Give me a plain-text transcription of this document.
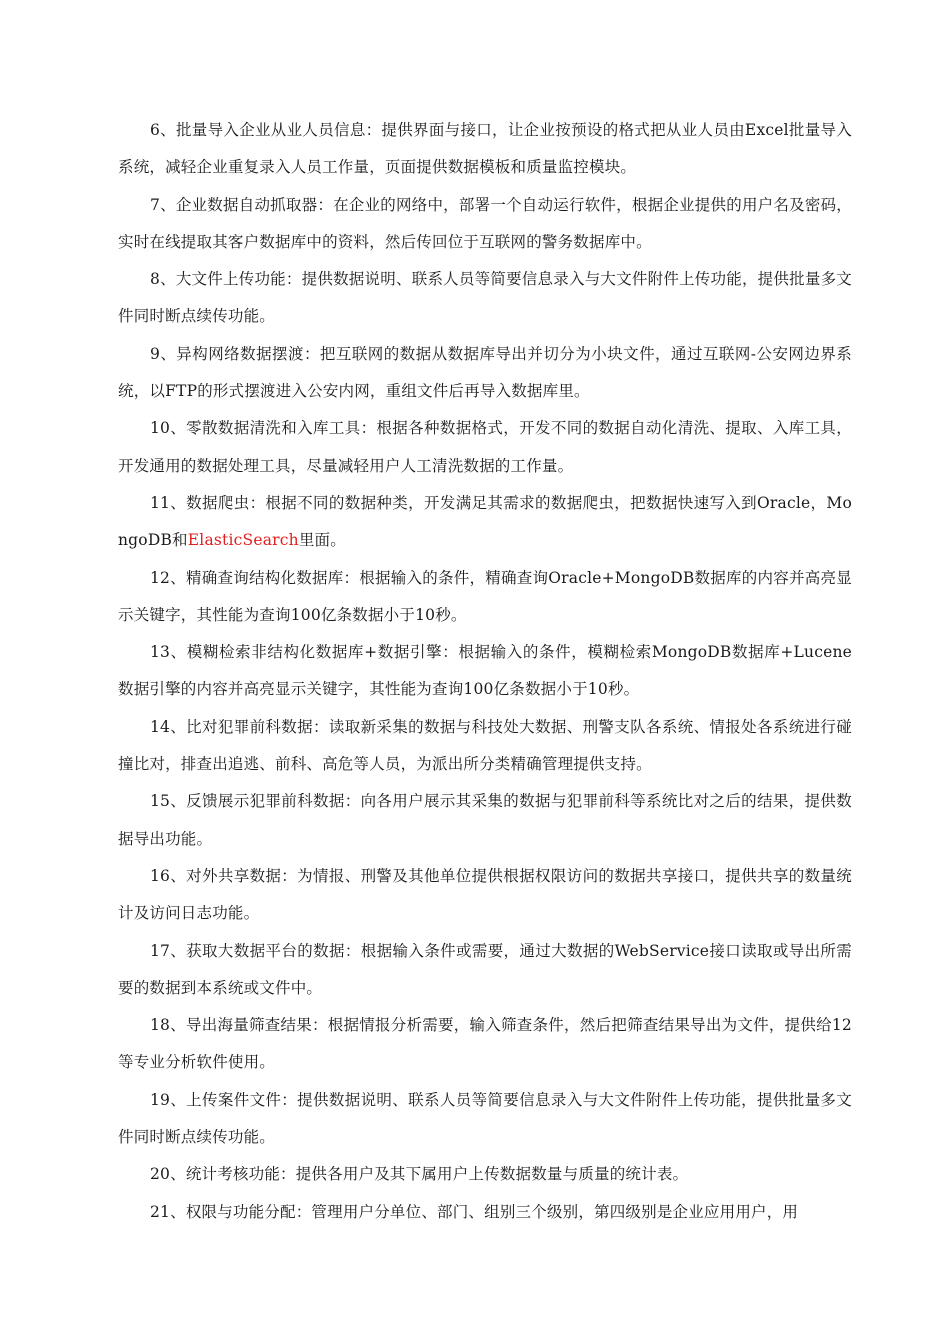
6、批量导入企业从业人员信息：提供界面与接口，让企业按预设的格式把从业人员由Excel批量导入系统，减轻企业重复录入人员工作量，页面提供数据模板和质量监控模块。

7、企业数据自动抓取器：在企业的网络中，部署一个自动运行软件，根据企业提供的用户名及密码，实时在线提取其客户数据库中的资料，然后传回位于互联网的警务数据库中。

8、大文件上传功能：提供数据说明、联系人员等简要信息录入与大文件附件上传功能，提供批量多文件同时断点续传功能。

9、异构网络数据摆渡：把互联网的数据从数据库导出并切分为小块文件，通过互联网-公安网边界系统，以FTP的形式摆渡进入公安内网，重组文件后再导入数据库里。

10、零散数据清洗和入库工具：根据各种数据格式，开发不同的数据自动化清洗、提取、入库工具，开发通用的数据处理工具，尽量减轻用户人工清洗数据的工作量。

11、数据爬虫：根据不同的数据种类，开发满足其需求的数据爬虫，把数据快速写入到Oracle，MongoDB和ElasticSearch里面。

12、精确查询结构化数据库：根据输入的条件，精确查询Oracle+MongoDB数据库的内容并高亮显示关键字，其性能为查询100亿条数据小于10秒。

13、模糊检索非结构化数据库+数据引擎：根据输入的条件，模糊检索MongoDB数据库+Lucene数据引擎的内容并高亮显示关键字，其性能为查询100亿条数据小于10秒。

14、比对犯罪前科数据：读取新采集的数据与科技处大数据、刑警支队各系统、情报处各系统进行碰撞比对，排查出追逃、前科、高危等人员，为派出所分类精确管理提供支持。

15、反馈展示犯罪前科数据：向各用户展示其采集的数据与犯罪前科等系统比对之后的结果，提供数据导出功能。

16、对外共享数据：为情报、刑警及其他单位提供根据权限访问的数据共享接口，提供共享的数量统计及访问日志功能。

17、获取大数据平台的数据：根据输入条件或需要，通过大数据的WebService接口读取或导出所需要的数据到本系统或文件中。

18、导出海量筛查结果：根据情报分析需要，输入筛查条件，然后把筛查结果导出为文件，提供给12等专业分析软件使用。

19、上传案件文件：提供数据说明、联系人员等简要信息录入与大文件附件上传功能，提供批量多文件同时断点续传功能。

20、统计考核功能：提供各用户及其下属用户上传数据数量与质量的统计表。

21、权限与功能分配：管理用户分单位、部门、组别三个级别，第四级别是企业应用用户，用
